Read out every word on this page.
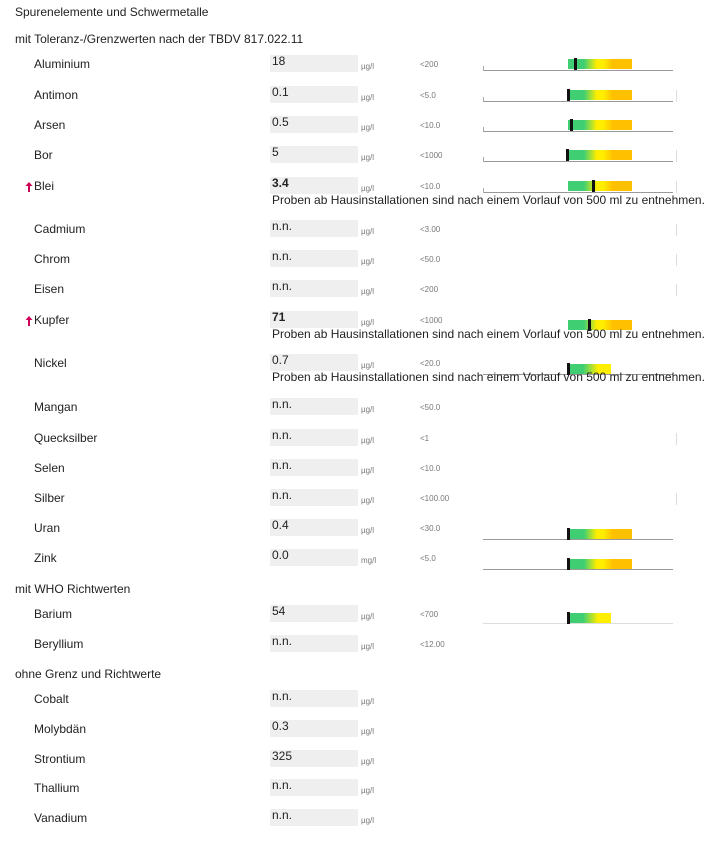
Spurenelemente und Schwermetalle
mit Toleranz-/Grenzwerten nach der TBDV 817.022.11
Aluminium	18	µg/l	<200
Antimon	0.1	µg/l	<5.0
Arsen	0.5	µg/l	<10.0
Bor	5	µg/l	<1000
Blei	3.4	µg/l	<10.0
Proben ab Hausinstallationen sind nach einem Vorlauf von 500 ml zu entnehmen.
Cadmium	n.n.	µg/l	<3.00
Chrom	n.n.	µg/l	<50.0
Eisen	n.n.	µg/l	<200
Kupfer	71	µg/l	<1000
Proben ab Hausinstallationen sind nach einem Vorlauf von 500 ml zu entnehmen.
Nickel	0.7	µg/l	<20.0
Proben ab Hausinstallationen sind nach einem Vorlauf von 500 ml zu entnehmen.
Mangan	n.n.	µg/l	<50.0
Quecksilber	n.n.	µg/l	<1
Selen	n.n.	µg/l	<10.0
Silber	n.n.	µg/l	<100.00
Uran	0.4	µg/l	<30.0
Zink	0.0	mg/l	<5.0
mit WHO Richtwerten
Barium	54	µg/l	<700
Beryllium	n.n.	µg/l	<12.00
ohne Grenz und Richtwerte
Cobalt	n.n.	µg/l
Molybdän	0.3	µg/l
Strontium	325	µg/l
Thallium	n.n.	µg/l
Vanadium	n.n.	µg/l
